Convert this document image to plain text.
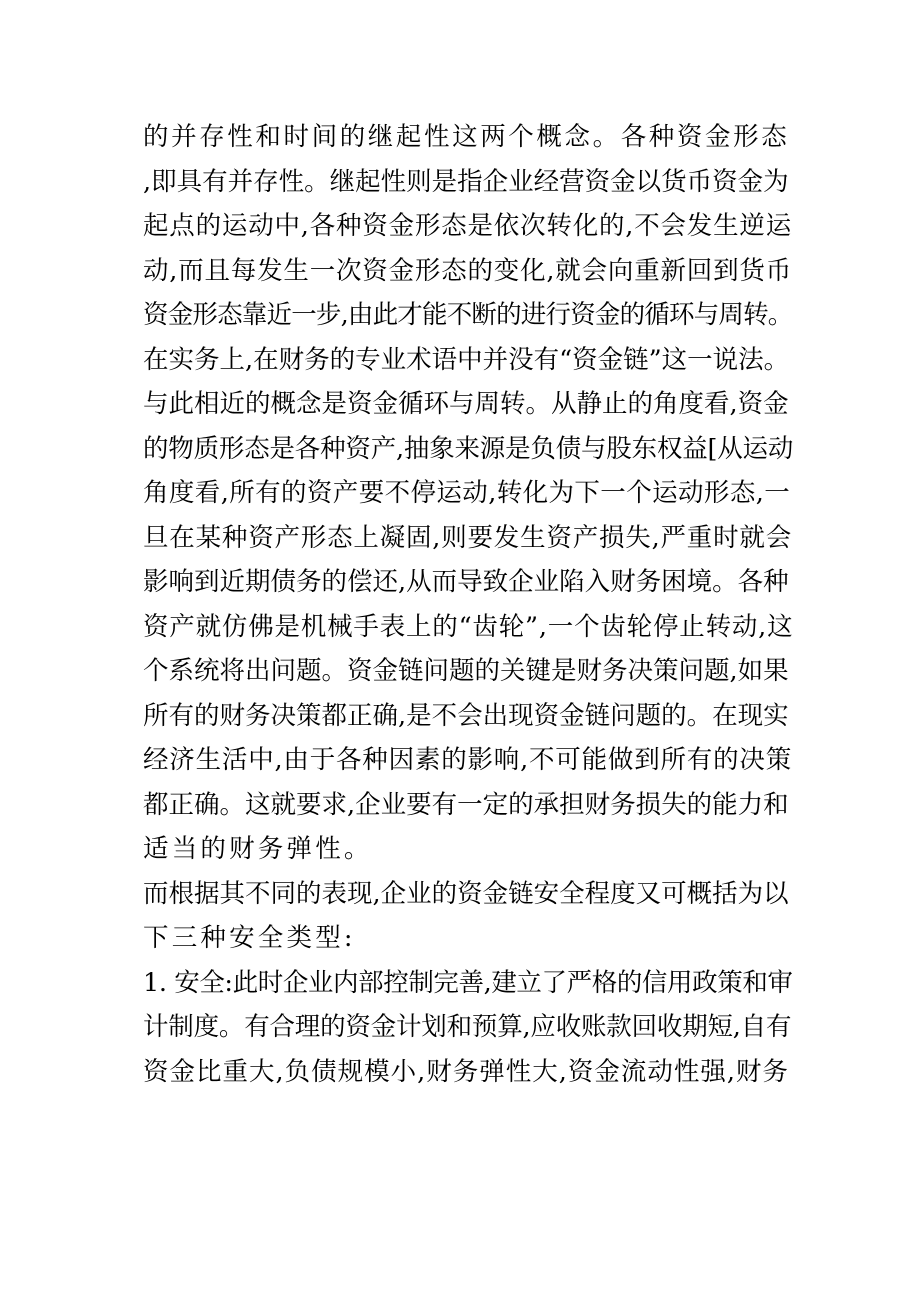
的并存性和时间的继起性这两个概念。各种资金形态
,即具有并存性。继起性则是指企业经营资金以货币资金为
起点的运动中,各种资金形态是依次转化的,不会发生逆运
动,而且每发生一次资金形态的变化,就会向重新回到货币
资金形态靠近一步,由此才能不断的进行资金的循环与周转。
在实务上,在财务的专业术语中并没有“资金链”这一说法。
与此相近的概念是资金循环与周转。从静止的角度看,资金
的物质形态是各种资产,抽象来源是负债与股东权益[从运动
角度看,所有的资产要不停运动,转化为下一个运动形态,一
旦在某种资产形态上凝固,则要发生资产损失,严重时就会
影响到近期债务的偿还,从而导致企业陷入财务困境。各种
资产就仿佛是机械手表上的“齿轮”,一个齿轮停止转动,这
个系统将出问题。资金链问题的关键是财务决策问题,如果
所有的财务决策都正确,是不会出现资金链问题的。在现实
经济生活中,由于各种因素的影响,不可能做到所有的决策
都正确。这就要求,企业要有一定的承担财务损失的能力和
适当的财务弹性。
而根据其不同的表现,企业的资金链安全程度又可概括为以
下三种安全类型:
1. 安全:此时企业内部控制完善,建立了严格的信用政策和审
计制度。有合理的资金计划和预算,应收账款回收期短,自有
资金比重大,负债规模小,财务弹性大,资金流动性强,财务
